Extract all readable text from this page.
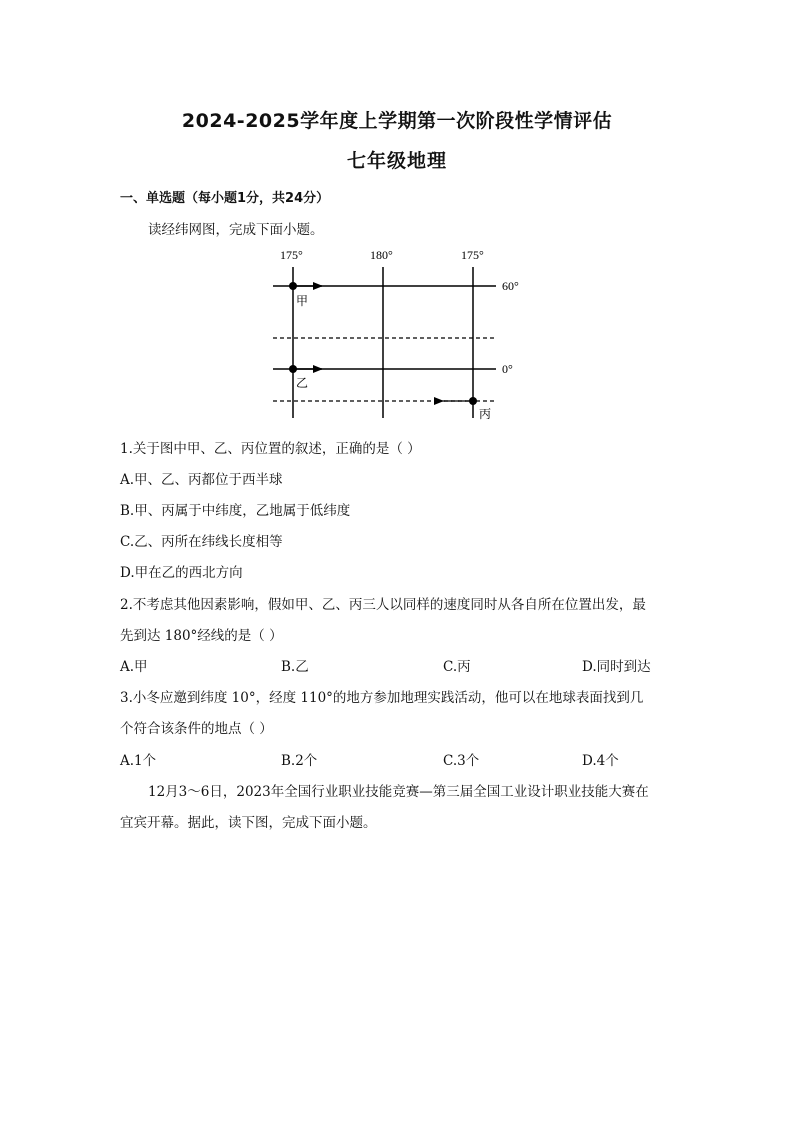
2024-2025学年度上学期第一次阶段性学情评估
七年级地理
一、单选题（每小题1分，共24分）
读经纬网图，完成下面小题。
175°	180°	175°
60°
0°
甲
乙
丙
1.关于图中甲、乙、丙位置的叙述，正确的是（ ）
A.甲、乙、丙都位于西半球
B.甲、丙属于中纬度，乙地属于低纬度
C.乙、丙所在纬线长度相等
D.甲在乙的西北方向
2.不考虑其他因素影响，假如甲、乙、丙三人以同样的速度同时从各自所在位置出发，最
先到达 180°经线的是（ ）
A.甲	B.乙	C.丙	D.同时到达
3.小冬应邀到纬度 10°，经度 110°的地方参加地理实践活动，他可以在地球表面找到几
个符合该条件的地点（ ）
A.1个	B.2个	C.3个	D.4个
12月3～6日，2023年全国行业职业技能竞赛—第三届全国工业设计职业技能大赛在
宜宾开幕。据此，读下图，完成下面小题。
